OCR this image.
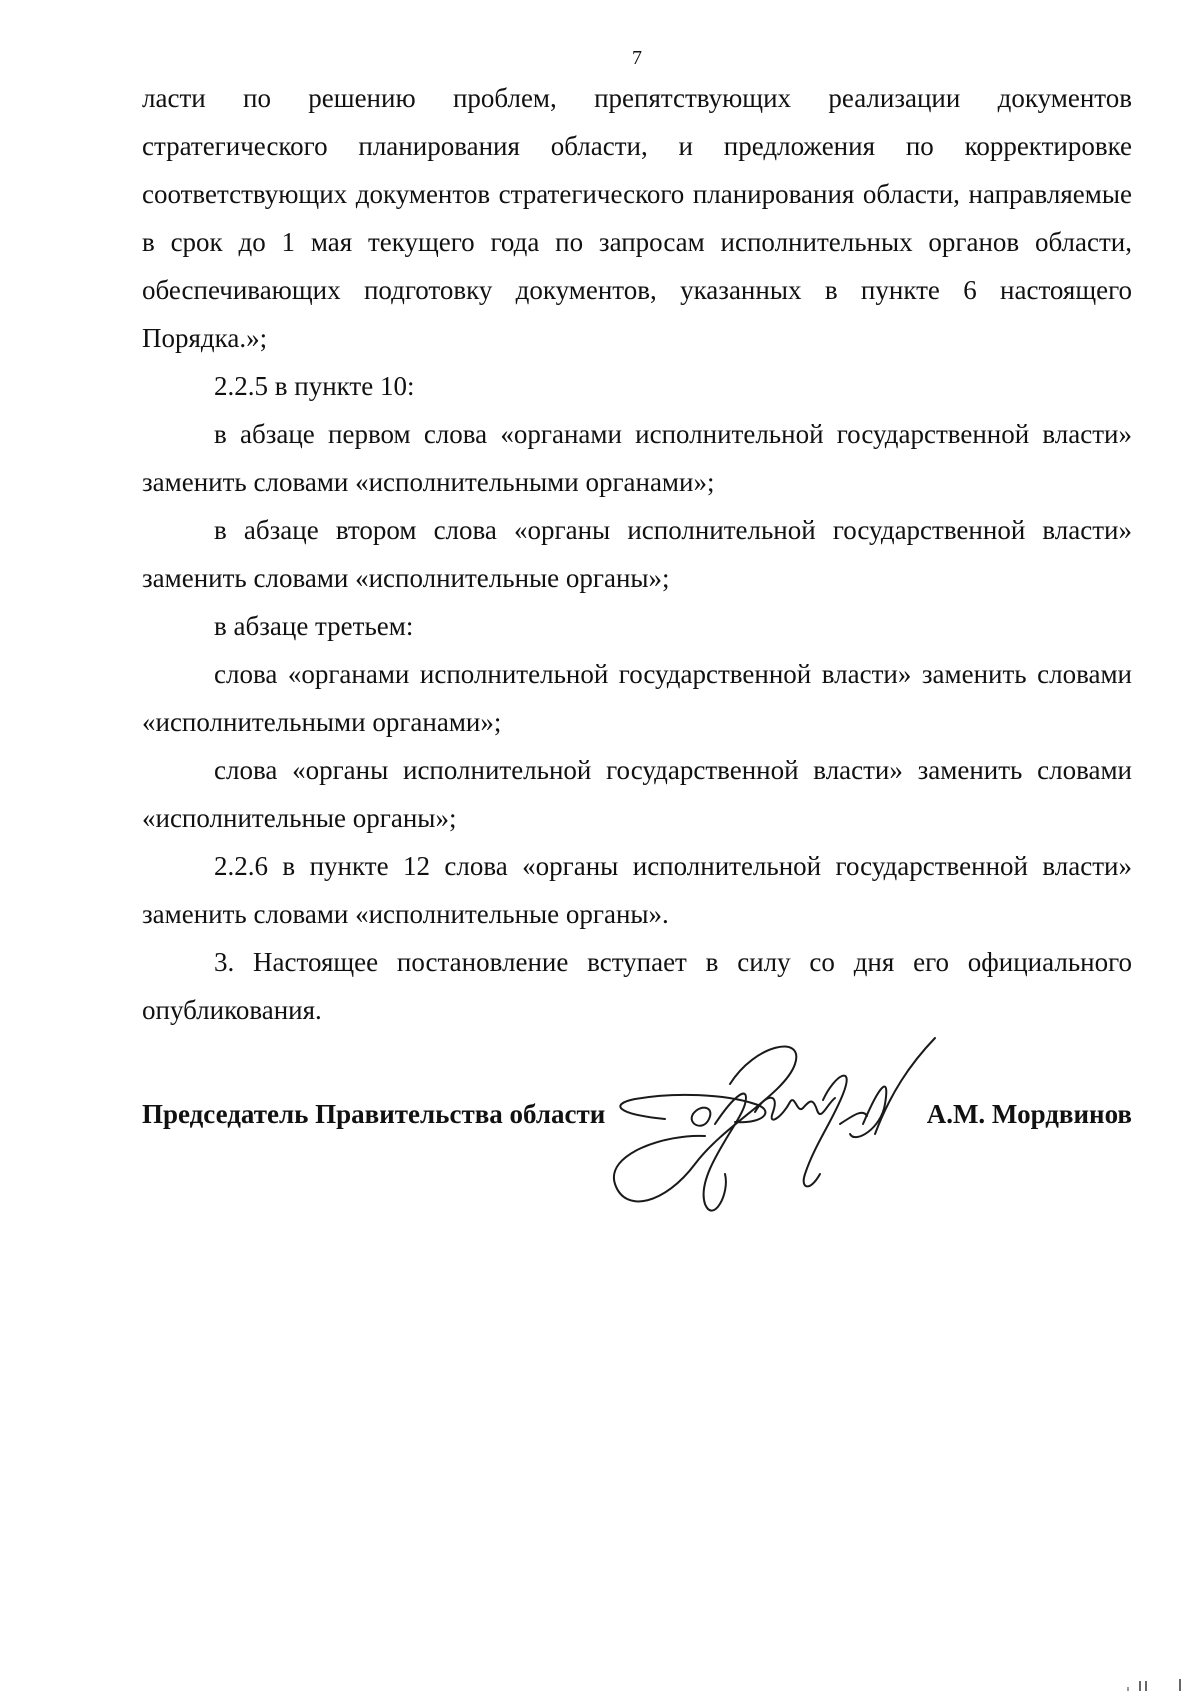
7

ласти по решению проблем, препятствующих реализации документов стратегического планирования области, и предложения по корректировке соответствующих документов стратегического планирования области, направляемые в срок до 1 мая текущего года по запросам исполнительных органов области, обеспечивающих подготовку документов, указанных в пункте 6 настоящего Порядка.»;

2.2.5 в пункте 10:

в абзаце первом слова «органами исполнительной государственной власти» заменить словами «исполнительными органами»;

в абзаце втором слова «органы исполнительной государственной власти» заменить словами «исполнительные органы»;

в абзаце третьем:

слова «органами исполнительной государственной власти» заменить словами «исполнительными органами»;

слова «органы исполнительной государственной власти» заменить словами «исполнительные органы»;

2.2.6 в пункте 12 слова «органы исполнительной государственной власти» заменить словами «исполнительные органы».

3. Настоящее постановление вступает в силу со дня его официального опубликования.

Председатель Правительства области	А.М. Мордвинов
